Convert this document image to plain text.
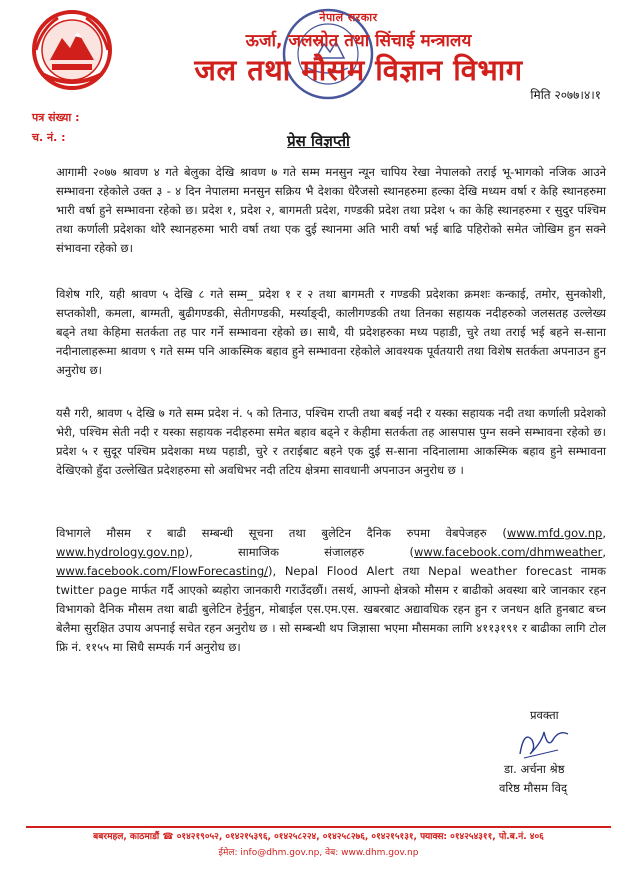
नेपाल सरकार
ऊर्जा, जलस्रोत तथा सिंचाई मन्त्रालय
जल तथा मौसम विज्ञान विभाग
मिति २०७७।४।१
पत्र संख्या :
च. नं. :	प्रेस विज्ञप्ती

आगामी २०७७ श्रावण ४ गते बेलुका देखि श्रावण ७ गते सम्म मनसुन न्यून चापिय रेखा नेपालको तराई भू-भागको नजिक आउने सम्भावना रहेकोले उक्त ३ - ४ दिन नेपालमा मनसुन सक्रिय भै देशका धेरैजसो स्थानहरुमा हल्का देखि मध्यम वर्षा र केहि स्थानहरुमा भारी वर्षा हुने सम्भावना रहेको छ। प्रदेश १, प्रदेश २, बागमती प्रदेश, गण्डकी प्रदेश तथा प्रदेश ५ का केहि स्थानहरुमा र सुदुर पश्चिम तथा कर्णाली प्रदेशका थोरै स्थानहरुमा भारी वर्षा तथा एक दुई स्थानमा अति भारी वर्षा भई बाढि पहिरोको समेत जोखिम हुन सक्ने संभावना रहेको छ।

विशेष गरि, यही श्रावण ५ देखि ८ गते सम्म_ प्रदेश १ र २ तथा बागमती र गण्डकी प्रदेशका क्रमशः कन्काई, तमोर, सुनकोशी, सप्तकोशी, कमला, बाग्मती, बुढीगण्डकी, सेतीगण्डकी, मर्स्याङ्दी, कालीगण्डकी तथा तिनका सहायक नदीहरुको जलसतह उल्लेख्य बढ्ने तथा केहिमा सतर्कता तह पार गर्ने सम्भावना रहेको छ। साथै, यी प्रदेशहरुका मध्य पहाडी, चुरे तथा तराई भई बहने स-साना नदीनालाहरूमा श्रावण ९ गते सम्म पनि आकस्मिक बहाव हुने सम्भावना रहेकोले आवश्यक पूर्वतयारी तथा विशेष सतर्कता अपनाउन हुन अनुरोध छ।

यसै गरी, श्रावण ५ देखि ७ गते सम्म प्रदेश नं. ५ को तिनाउ, पश्चिम राप्ती तथा बबई नदी र यस्का सहायक नदी तथा कर्णाली प्रदेशको भेरी, पश्चिम सेती नदी र यस्का सहायक नदीहरुमा समेत बहाव बढ्ने र केहीमा सतर्कता तह आसपास पुग्न सक्ने सम्भावना रहेको छ। प्रदेश ५ र सुदूर पश्चिम प्रदेशका मध्य पहाडी, चुरे र तराईबाट बहने एक दुई स-साना नदिनालामा आकस्मिक बहाव हुने सम्भावना देखिएको हुँदा उल्लेखित प्रदेशहरुमा सो अवधिभर नदी तटिय क्षेत्रमा सावधानी अपनाउन अनुरोध छ ।

विभागले मौसम र बाढी सम्बन्धी सूचना तथा बुलेटिन दैनिक रुपमा वेबपेजहरु (www.mfd.gov.np, www.hydrology.gov.np), सामाजिक संजालहरु (www.facebook.com/dhmweather, www.facebook.com/FlowForecasting/), Nepal Flood Alert तथा Nepal weather forecast नामक twitter page मार्फत गर्दै आएको ब्यहोरा जानकारी गराउँदछौं। तसर्थ, आफ्नो क्षेत्रको मौसम र बाढीको अवस्था बारे जानकार रहन विभागको दैनिक मौसम तथा बाढी बुलेटिन हेर्नुहुन, मोबाईल एस.एम.एस. खबरबाट अद्यावधिक रहन हुन र जनधन क्षति हुनबाट बच्न बेलैमा सुरक्षित उपाय अपनाई सचेत रहन अनुरोध छ । सो सम्बन्धी थप जिज्ञासा भएमा मौसमका लागि ४११३१९१ र बाढीका लागि टोल फ्रि नं. ११५५ मा सिधै सम्पर्क गर्न अनुरोध छ।

प्रवक्ता
डा. अर्चना श्रेष्ठ
वरिष्ठ मौसम विद्
बबरमहल, काठमाडौं ☎ ०१४२१९०५२, ०१४२१५३९६, ०१४२५८२२४, ०१४२५८२७६, ०१४२१५१३१, फ्याक्स: ०१४२५४३११, पो.ब.नं. ४०६
ईमेल: info@dhm.gov.np, वेब: www.dhm.gov.np
